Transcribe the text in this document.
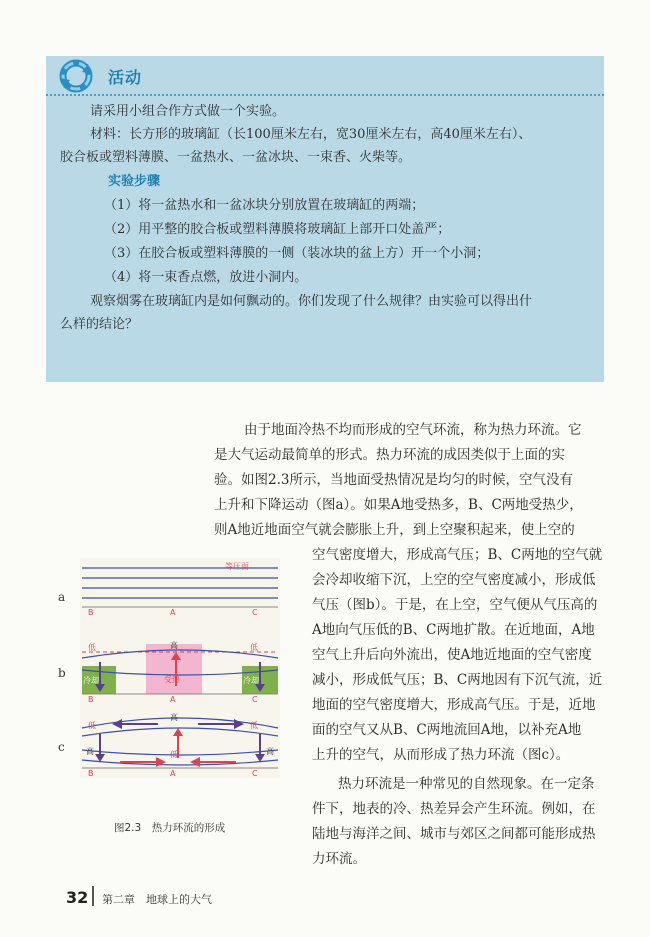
活动
请采用小组合作方式做一个实验。
材料：长方形的玻璃缸（长100厘米左右，宽30厘米左右，高40厘米左右）、
胶合板或塑料薄膜、一盆热水、一盆冰块、一束香、火柴等。
实验步骤
（1）将一盆热水和一盆冰块分别放置在玻璃缸的两端；
（2）用平整的胶合板或塑料薄膜将玻璃缸上部开口处盖严；
（3）在胶合板或塑料薄膜的一侧（装冰块的盆上方）开一个小洞；
（4）将一束香点燃，放进小洞内。
观察烟雾在玻璃缸内是如何飘动的。你们发现了什么规律？由实验可以得出什
么样的结论？
由于地面冷热不均而形成的空气环流，称为热力环流。它
是大气运动最简单的形式。热力环流的成因类似于上面的实
验。如图2.3所示，当地面受热情况是均匀的时候，空气没有
上升和下降运动（图a）。如果A地受热多，B、C两地受热少，
则A地近地面空气就会膨胀上升，到上空聚积起来，使上空的
空气密度增大，形成高气压；B、C两地的空气就
会冷却收缩下沉，上空的空气密度减小，形成低
气压（图b）。于是，在上空，空气便从气压高的
A地向气压低的B、C两地扩散。在近地面，A地
空气上升后向外流出，使A地近地面的空气密度
减小，形成低气压；B、C两地因有下沉气流，近
地面的空气密度增大，形成高气压。于是，近地
面的空气又从B、C两地流回A地，以补充A地
上升的空气，从而形成了热力环流（图c）。
热力环流是一种常见的自然现象。在一定条
件下，地表的冷、热差异会产生环流。例如，在
陆地与海洋之间、城市与郊区之间都可能形成热
力环流。
a
b
c
等压面
B	A	C
高
低	低
冷却	冷却
受热
B	A	C
低
高
低
高	低	高
B	A	C
图2.3　热力环流的形成
32 第二章　地球上的大气
